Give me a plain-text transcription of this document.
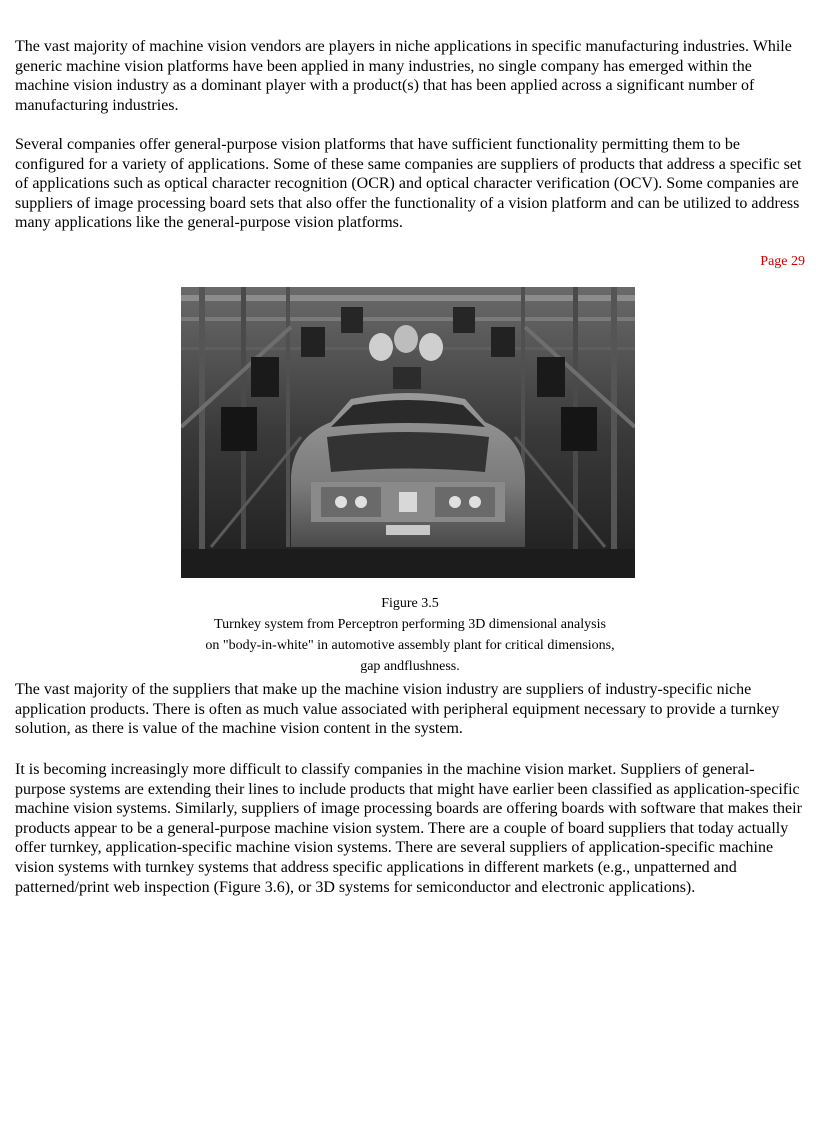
The vast majority of machine vision vendors are players in niche applications in specific manufacturing industries. While generic machine vision platforms have been applied in many industries, no single company has emerged within the machine vision industry as a dominant player with a product(s) that has been applied across a significant number of manufacturing industries.

Several companies offer general-purpose vision platforms that have sufficient functionality permitting them to be configured for a variety of applications. Some of these same companies are suppliers of products that address a specific set of applications such as optical character recognition (OCR) and optical character verification (OCV). Some companies are suppliers of image processing board sets that also offer the functionality of a vision platform and can be utilized to address many applications like the general-purpose vision platforms.

Page 29
Figure 3.5
Turnkey system from Perceptron performing 3D dimensional analysis
on "body-in-white" in automotive assembly plant for critical dimensions,
gap andflushness.

The vast majority of the suppliers that make up the machine vision industry are suppliers of industry-specific niche application products. There is often as much value associated with peripheral equipment necessary to provide a turnkey solution, as there is value of the machine vision content in the system.

It is becoming increasingly more difficult to classify companies in the machine vision market. Suppliers of general-purpose systems are extending their lines to include products that might have earlier been classified as application-specific machine vision systems. Similarly, suppliers of image processing boards are offering boards with software that makes their products appear to be a general-purpose machine vision system. There are a couple of board suppliers that today actually offer turnkey, application-specific machine vision systems. There are several suppliers of application-specific machine vision systems with turnkey systems that address specific applications in different markets (e.g., unpatterned and patterned/print web inspection (Figure 3.6), or 3D systems for semiconductor and electronic applications).
